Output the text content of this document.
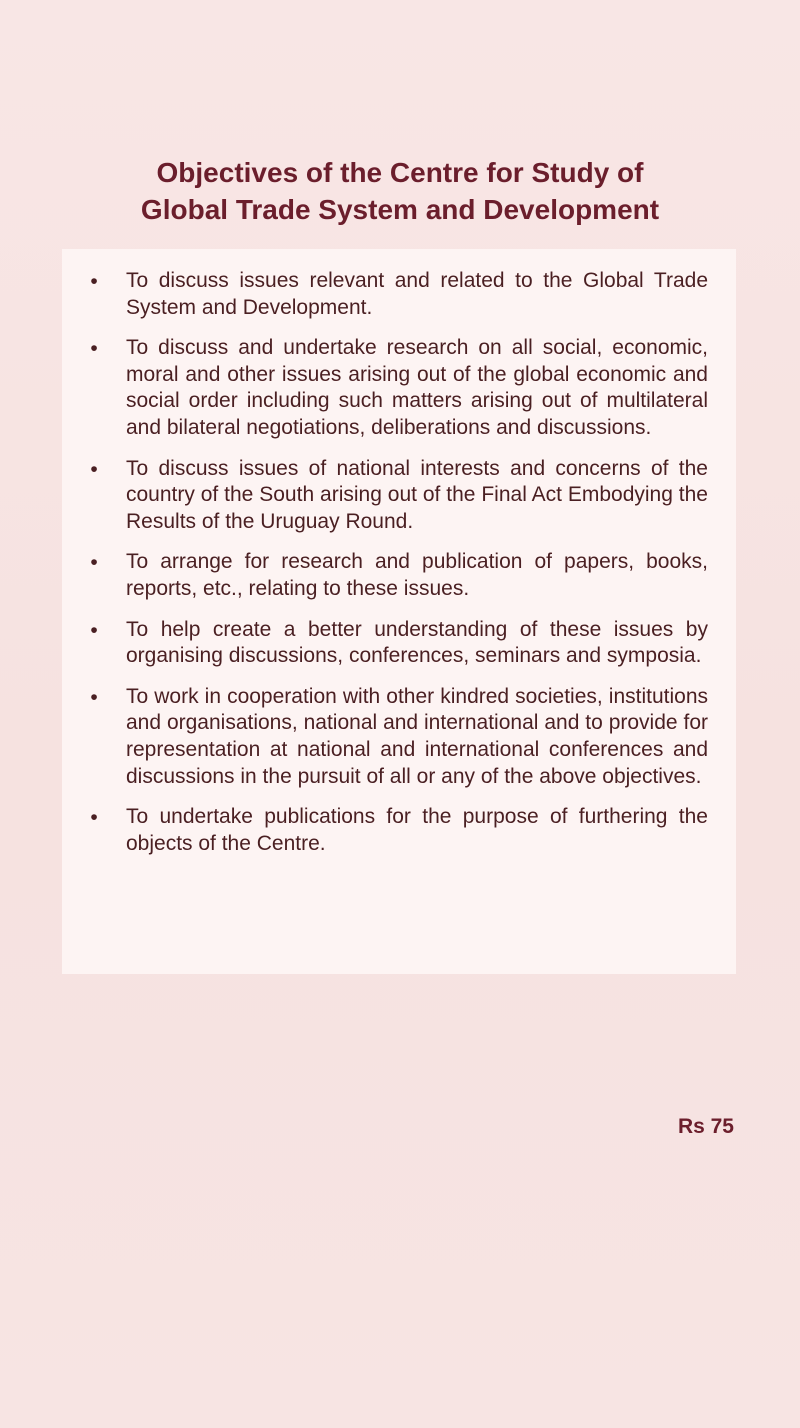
Objectives of the Centre for Study of
Global Trade System and Development
• To discuss issues relevant and related to the Global Trade System and Development.
• To discuss and undertake research on all social, economic, moral and other issues arising out of the global economic and social order including such matters arising out of multilateral and bilateral negotiations, deliberations and discussions.
• To discuss issues of national interests and concerns of the country of the South arising out of the Final Act Embodying the Results of the Uruguay Round.
• To arrange for research and publication of papers, books, reports, etc., relating to these issues.
• To help create a better understanding of these issues by organising discussions, conferences, seminars and symposia.
• To work in cooperation with other kindred societies, institutions and organisations, national and international and to provide for representation at national and international conferences and discussions in the pursuit of all or any of the above objectives.
• To undertake publications for the purpose of furthering the objects of the Centre.
Rs 75
